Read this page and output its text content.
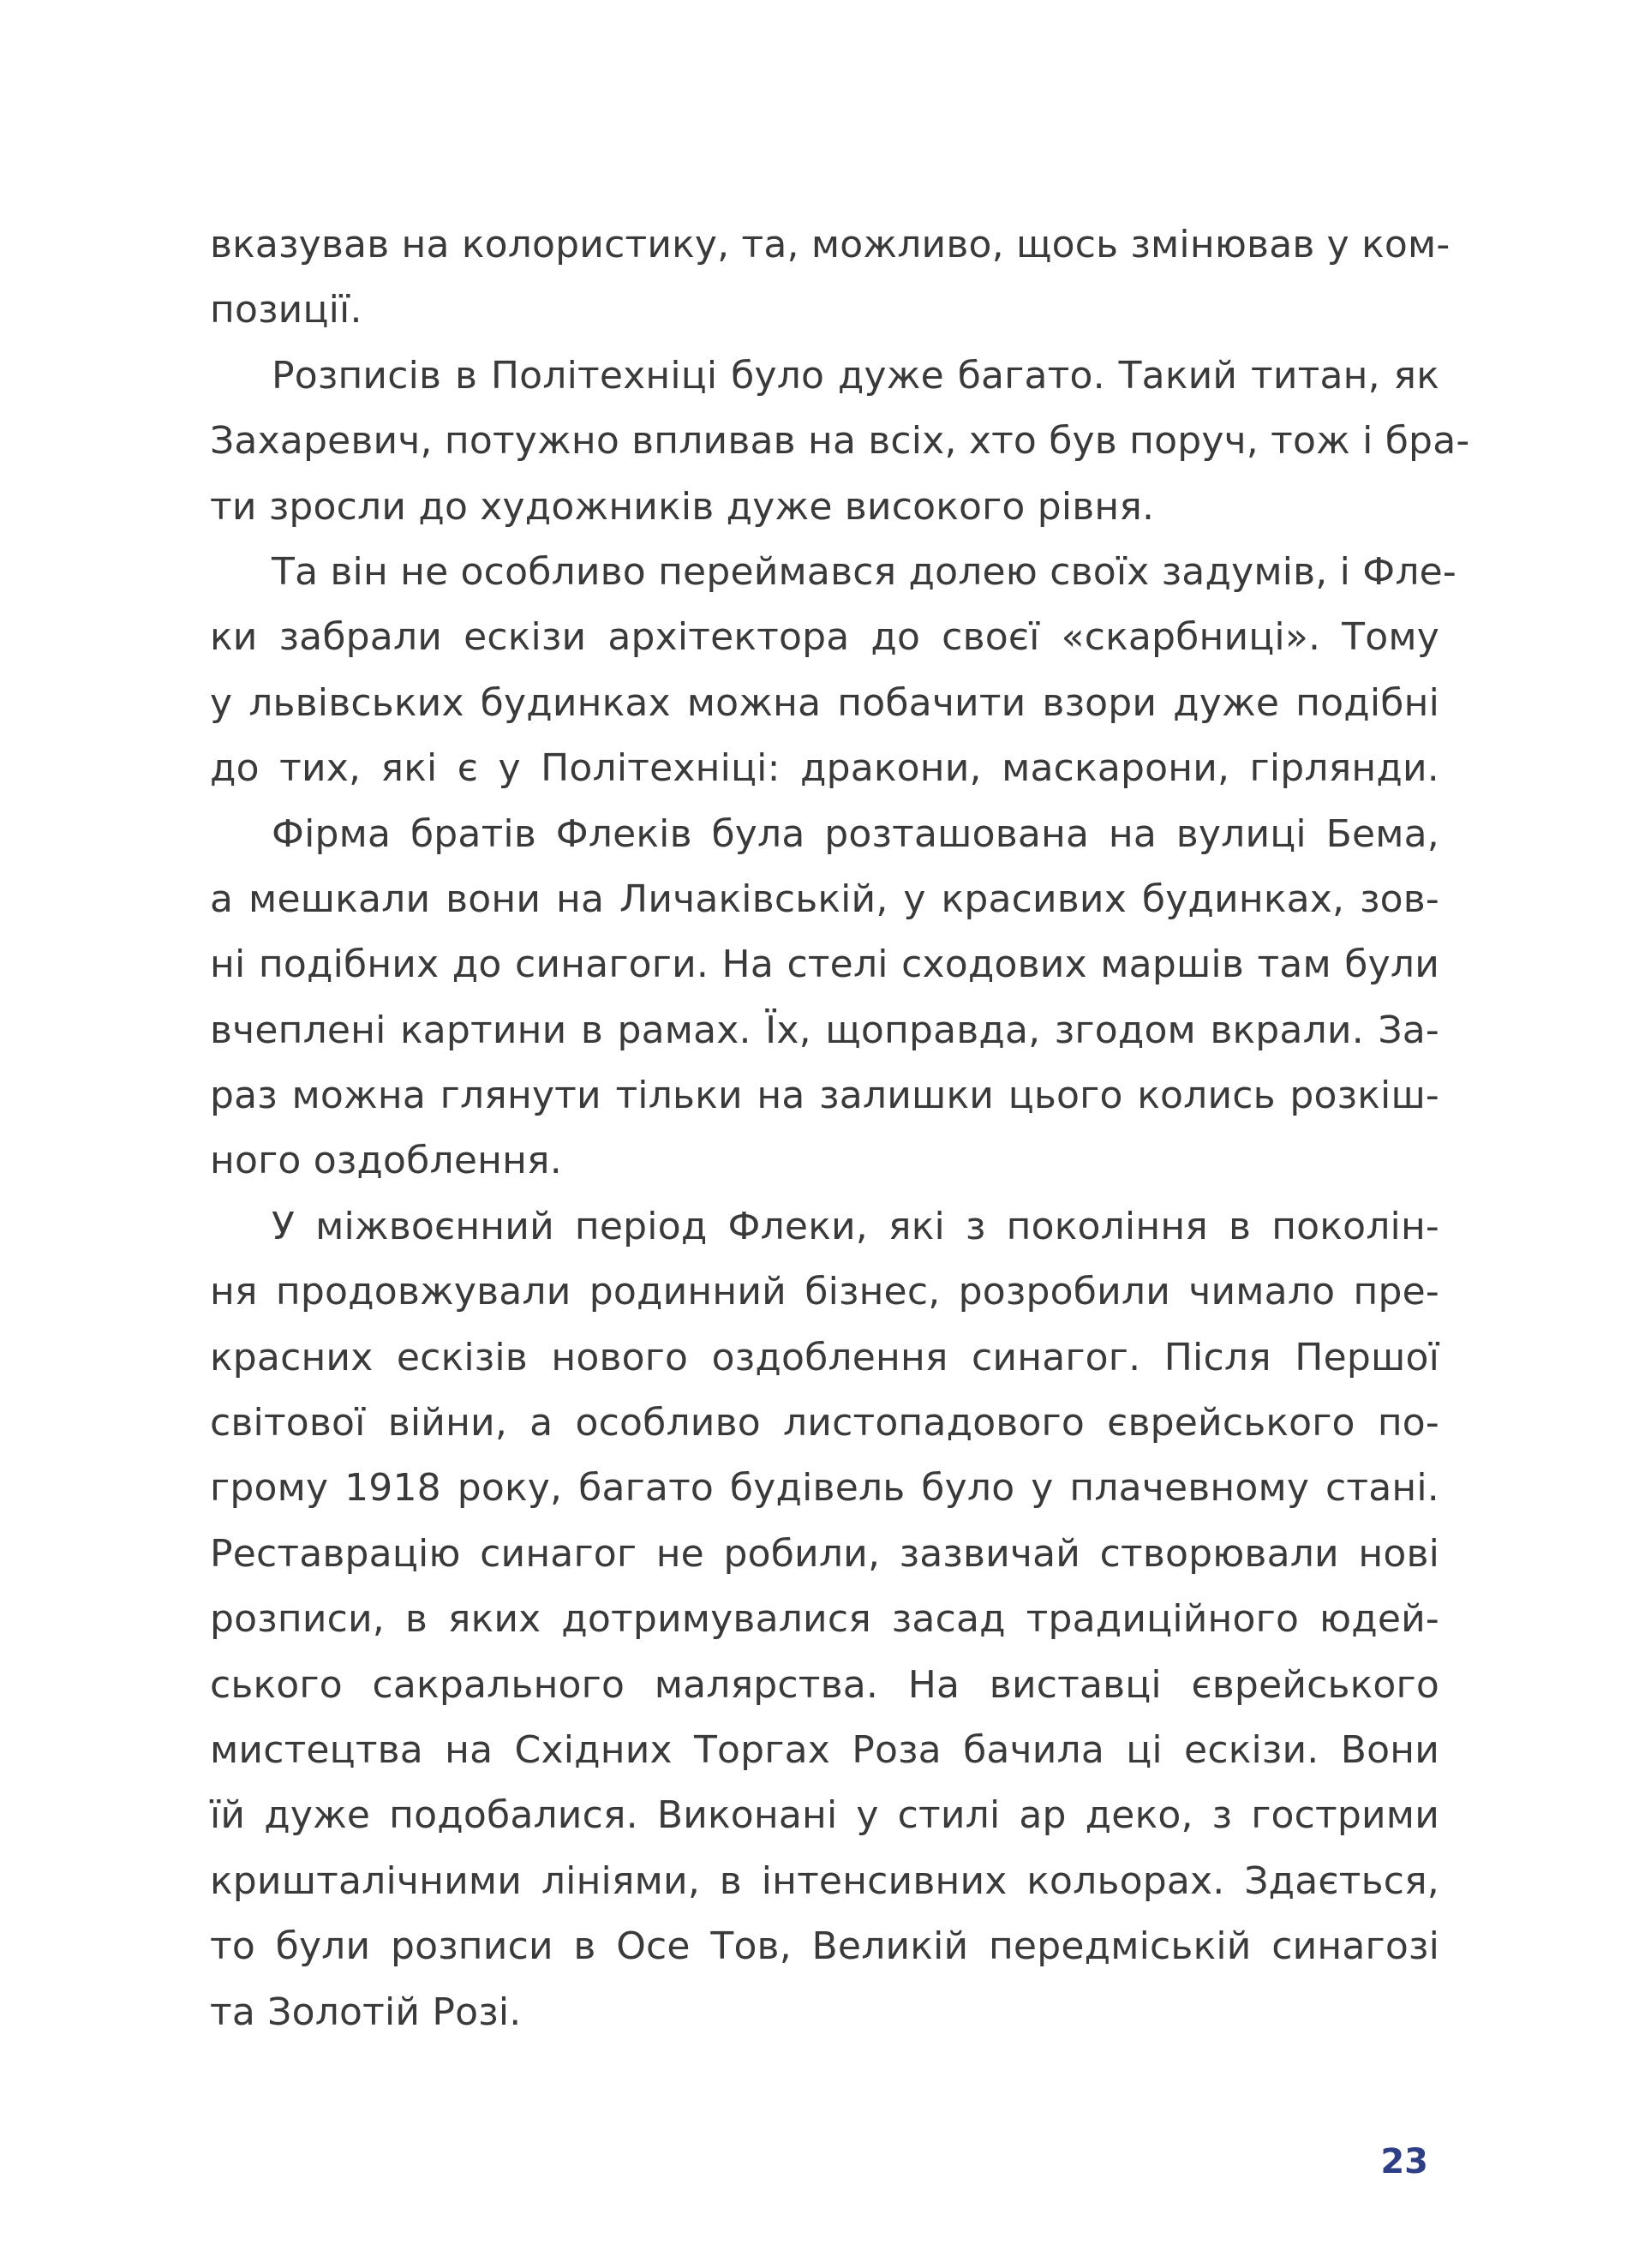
вказував на колористику, та, можливо, щось змінював у ком-
позиції.
Розписів в Політехніці було дуже багато. Такий титан, як
Захаревич, потужно впливав на всіх, хто був поруч, тож і бра-
ти зросли до художників дуже високого рівня.
Та він не особливо переймався долею своїх задумів, і Фле-
ки забрали ескізи архітектора до своєї «скарбниці». Тому
у львівських будинках можна побачити взори дуже подібні
до тих, які є у Політехніці: дракони, маскарони, гірлянди.
Фірма братів Флеків була розташована на вулиці Бема,
а мешкали вони на Личаківській, у красивих будинках, зов-
ні подібних до синагоги. На стелі сходових маршів там були
вчеплені картини в рамах. Їх, щоправда, згодом вкрали. За-
раз можна глянути тільки на залишки цього колись розкіш-
ного оздоблення.
У міжвоєнний період Флеки, які з покоління в поколін-
ня продовжували родинний бізнес, розробили чимало пре-
красних ескізів нового оздоблення синагог. Після Першої
світової війни, а особливо листопадового єврейського по-
грому 1918 року, багато будівель було у плачевному стані.
Реставрацію синагог не робили, зазвичай створювали нові
розписи, в яких дотримувалися засад традиційного юдей-
ського сакрального малярства. На виставці єврейського
мистецтва на Східних Торгах Роза бачила ці ескізи. Вони
їй дуже подобалися. Виконані у стилі ар деко, з гострими
кришталічними лініями, в інтенсивних кольорах. Здається,
то були розписи в Осе Тов, Великій передміській синагозі
та Золотій Розі.
23
